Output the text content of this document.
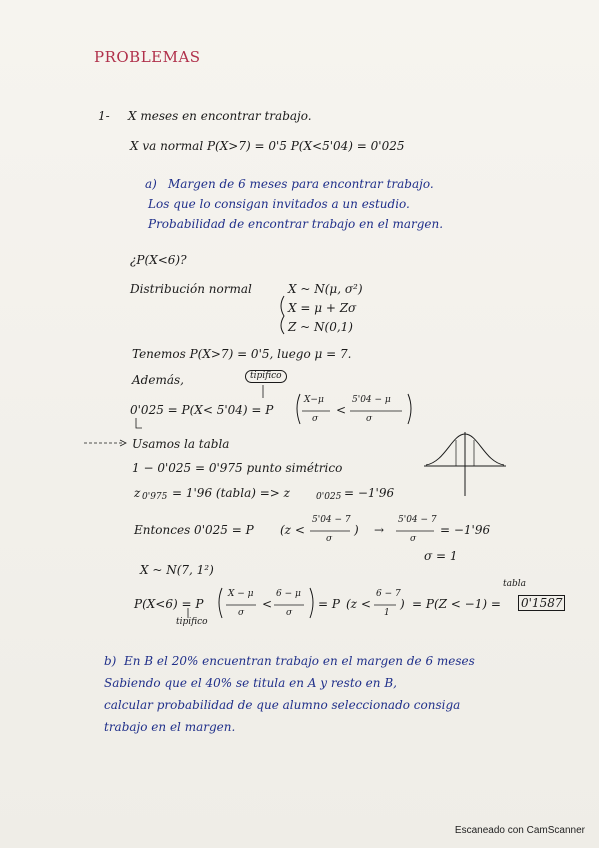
PROBLEMAS
1- X meses en encontrar trabajo.
X va normal P(X>7) = 0'5 P(X<5'04) = 0'025
a) Margen de 6 meses para encontrar trabajo.
Los que lo consigan invitados a un estudio.
Probabilidad de encontrar trabajo en el margen.
¿P(X<6)?
Distribución normal	X ~ N(μ, σ²)
X = μ + Zσ
Z ~ N(0,1)
Tenemos P(X>7) = 0'5, luego μ = 7.
Además,	tipifico
0'025 = P(X< 5'04) = P
X−μ
σ
<
5'04 − μ
σ
Usamos la tabla
1 − 0'025 = 0'975 punto simétrico
z 0'975 = 1'96 (tabla) => z	0'025 = −1'96
Entonces 0'025 = P (z <
5'04 − 7
σ
) →
5'04 − 7
σ
= −1'96
σ = 1
X ~ N(7, 1²)
tabla
P(X<6) = P
X − μ
σ
<
6 − μ
σ
= P (z <
6 − 7
1
) = P(Z < −1) = 0'1587
tipifico
b) En B el 20% encuentran trabajo en el margen de 6 meses
Sabiendo que el 40% se titula en A y resto en B,
calcular probabilidad de que alumno seleccionado consiga
trabajo en el margen.
Escaneado con CamScanner
